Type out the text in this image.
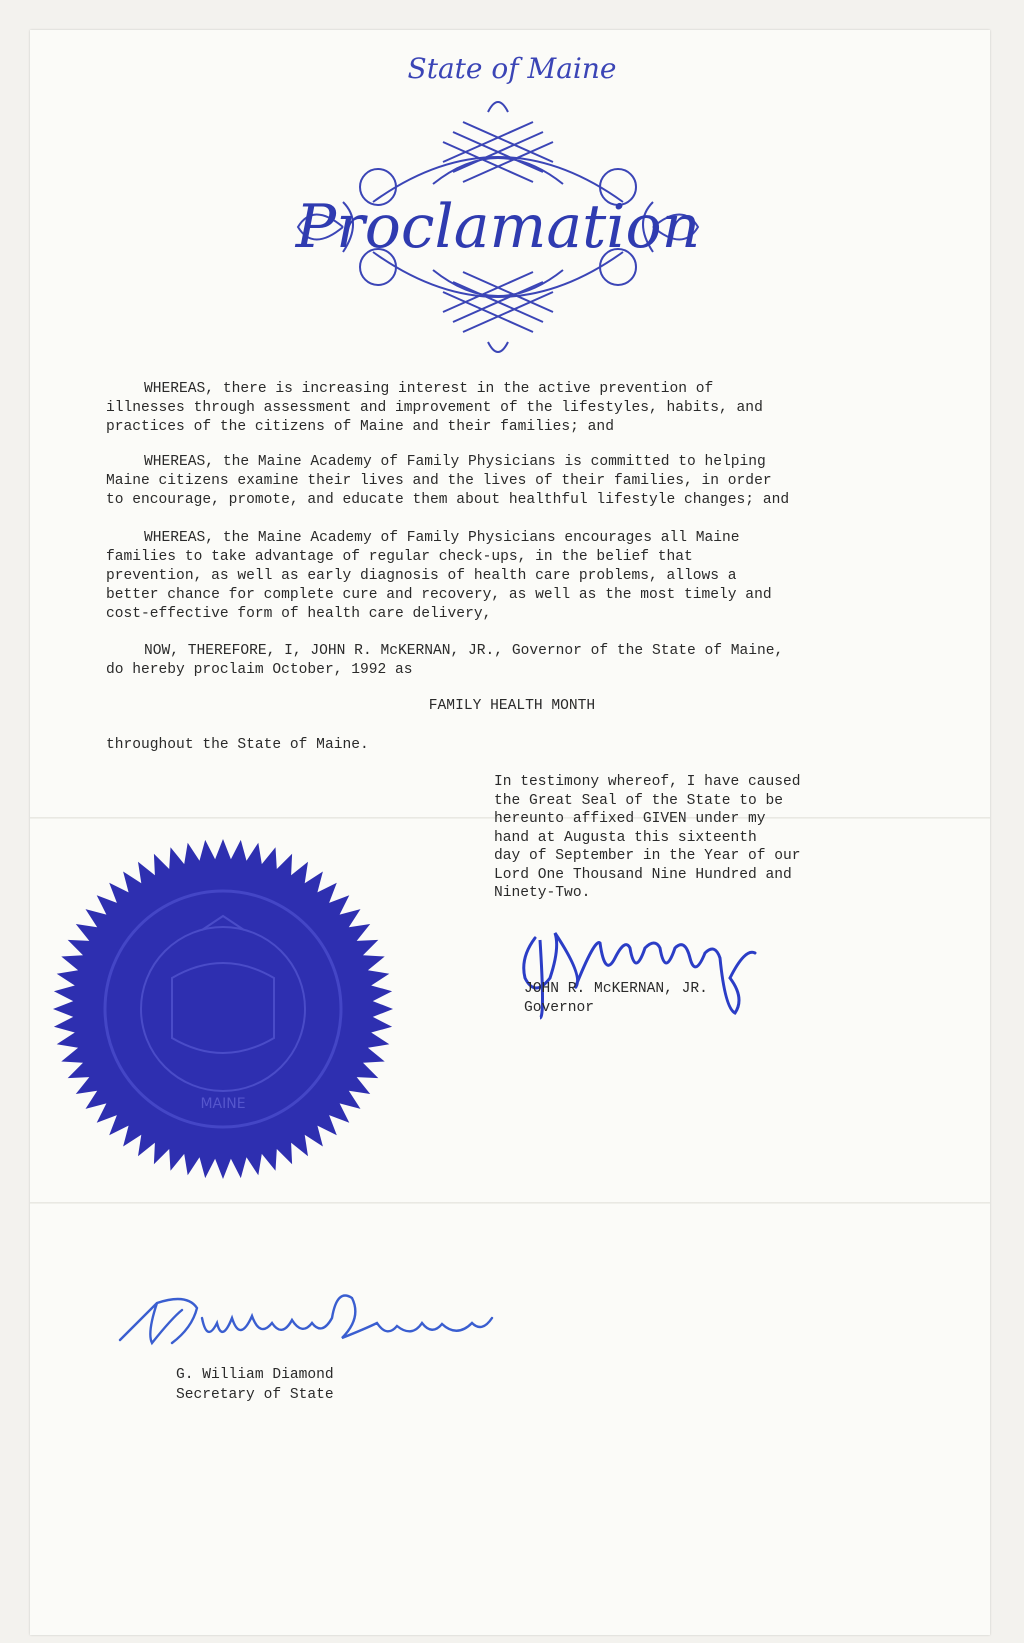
State of Maine
Proclamation
WHEREAS, there is increasing interest in the active prevention of
illnesses through assessment and improvement of the lifestyles, habits, and
practices of the citizens of Maine and their families; and
WHEREAS, the Maine Academy of Family Physicians is committed to helping
Maine citizens examine their lives and the lives of their families, in order
to encourage, promote, and educate them about healthful lifestyle changes; and
WHEREAS, the Maine Academy of Family Physicians encourages all Maine
families to take advantage of regular check-ups, in the belief that
prevention, as well as early diagnosis of health care problems, allows a
better chance for complete cure and recovery, as well as the most timely and
cost-effective form of health care delivery,
NOW, THEREFORE, I, JOHN R. McKERNAN, JR., Governor of the State of Maine,
do hereby proclaim October, 1992 as
FAMILY HEALTH MONTH
throughout the State of Maine.
In testimony whereof, I have caused
the Great Seal of the State to be
hereunto affixed GIVEN under my
hand at Augusta this sixteenth
day of September in the Year of our
Lord One Thousand Nine Hundred and
Ninety-Two.
JOHN R. McKERNAN, JR.
Governor
MAINE
G. William Diamond
Secretary of State
